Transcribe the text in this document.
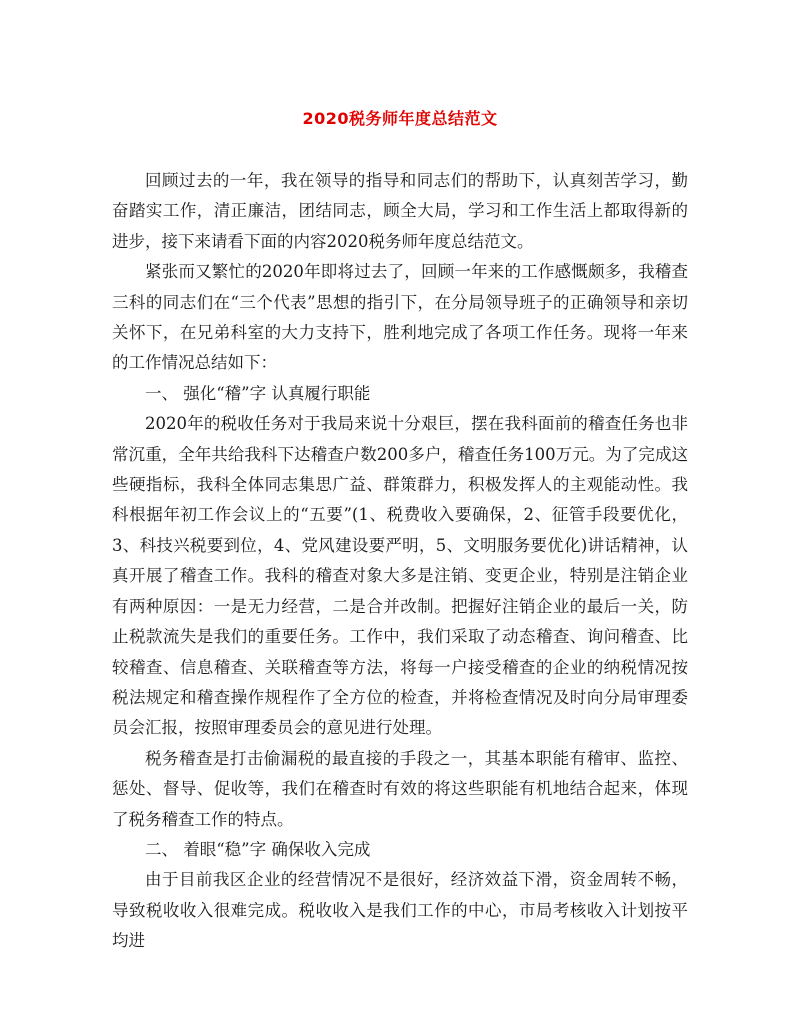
2020税务师年度总结范文

回顾过去的一年，我在领导的指导和同志们的帮助下，认真刻苦学习，勤奋踏实工作，清正廉洁，团结同志，顾全大局，学习和工作生活上都取得新的进步，接下来请看下面的内容2020税务师年度总结范文。

紧张而又繁忙的2020年即将过去了，回顾一年来的工作感慨颇多，我稽查三科的同志们在“三个代表”思想的指引下，在分局领导班子的正确领导和亲切关怀下，在兄弟科室的大力支持下，胜利地完成了各项工作任务。现将一年来的工作情况总结如下：

一、 强化“稽”字 认真履行职能

2020年的税收任务对于我局来说十分艰巨，摆在我科面前的稽查任务也非常沉重，全年共给我科下达稽查户数200多户，稽查任务100万元。为了完成这些硬指标，我科全体同志集思广益、群策群力，积极发挥人的主观能动性。我科根据年初工作会议上的“五要”(1、税费收入要确保，2、征管手段要优化，3、科技兴税要到位，4、党风建设要严明，5、文明服务要优化)讲话精神，认真开展了稽查工作。我科的稽查对象大多是注销、变更企业，特别是注销企业有两种原因：一是无力经营，二是合并改制。把握好注销企业的最后一关，防止税款流失是我们的重要任务。工作中，我们采取了动态稽查、询问稽查、比较稽查、信息稽查、关联稽查等方法，将每一户接受稽查的企业的纳税情况按税法规定和稽查操作规程作了全方位的检查，并将检查情况及时向分局审理委员会汇报，按照审理委员会的意见进行处理。

税务稽查是打击偷漏税的最直接的手段之一，其基本职能有稽审、监控、惩处、督导、促收等，我们在稽查时有效的将这些职能有机地结合起来，体现了税务稽查工作的特点。

二、 着眼“稳”字 确保收入完成

由于目前我区企业的经营情况不是很好，经济效益下滑，资金周转不畅，导致税收收入很难完成。税收收入是我们工作的中心，市局考核收入计划按平均进
